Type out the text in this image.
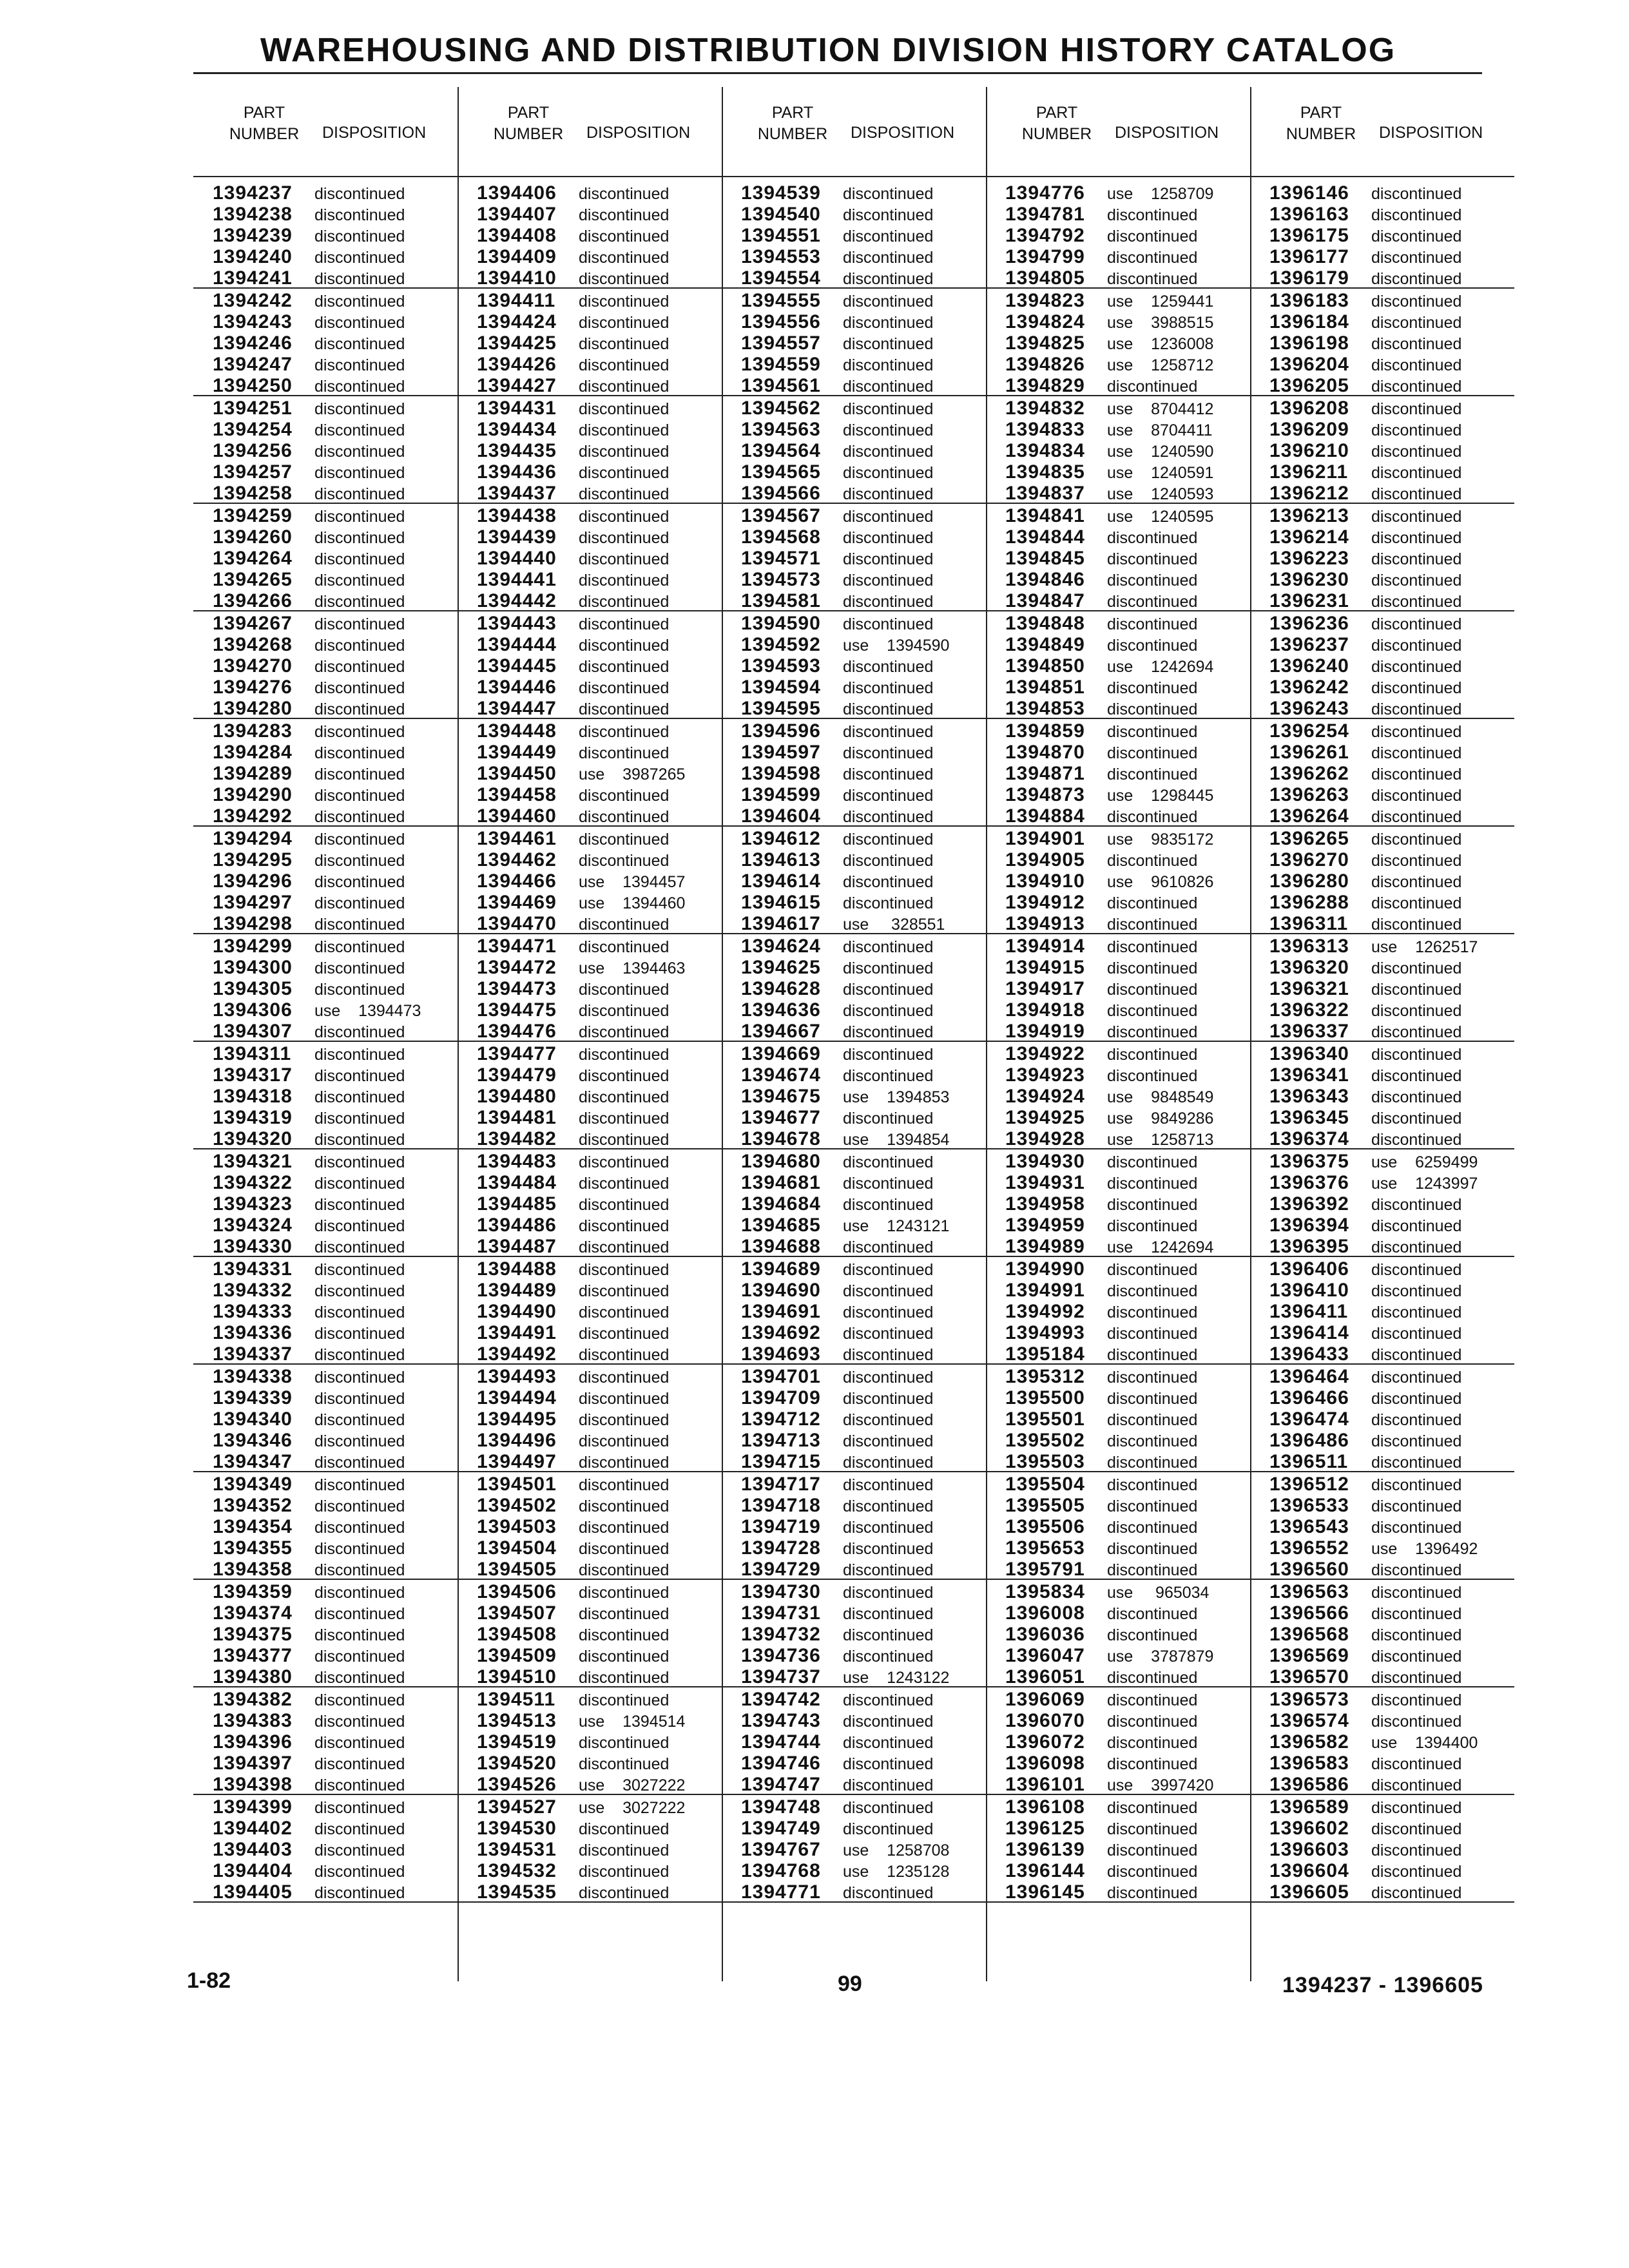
WAREHOUSING AND DISTRIBUTION DIVISION HISTORY CATALOG
PART
NUMBER	DISPOSITION
1394237 discontinued
1394238 discontinued
1394239 discontinued
1394240 discontinued
1394241 discontinued
1394242 discontinued
1394243 discontinued
1394246 discontinued
1394247 discontinued
1394250 discontinued
1394251 discontinued
1394254 discontinued
1394256 discontinued
1394257 discontinued
1394258 discontinued
1394259 discontinued
1394260 discontinued
1394264 discontinued
1394265 discontinued
1394266 discontinued
1394267 discontinued
1394268 discontinued
1394270 discontinued
1394276 discontinued
1394280 discontinued
1394283 discontinued
1394284 discontinued
1394289 discontinued
1394290 discontinued
1394292 discontinued
1394294 discontinued
1394295 discontinued
1394296 discontinued
1394297 discontinued
1394298 discontinued
1394299 discontinued
1394300 discontinued
1394305 discontinued
1394306 use    1394473
1394307 discontinued
1394311 discontinued
1394317 discontinued
1394318 discontinued
1394319 discontinued
1394320 discontinued
1394321 discontinued
1394322 discontinued
1394323 discontinued
1394324 discontinued
1394330 discontinued
1394331 discontinued
1394332 discontinued
1394333 discontinued
1394336 discontinued
1394337 discontinued
1394338 discontinued
1394339 discontinued
1394340 discontinued
1394346 discontinued
1394347 discontinued
1394349 discontinued
1394352 discontinued
1394354 discontinued
1394355 discontinued
1394358 discontinued
1394359 discontinued
1394374 discontinued
1394375 discontinued
1394377 discontinued
1394380 discontinued
1394382 discontinued
1394383 discontinued
1394396 discontinued
1394397 discontinued
1394398 discontinued
1394399 discontinued
1394402 discontinued
1394403 discontinued
1394404 discontinued
1394405 discontinued
PART
NUMBER	DISPOSITION
1394406 discontinued
1394407 discontinued
1394408 discontinued
1394409 discontinued
1394410 discontinued
1394411 discontinued
1394424 discontinued
1394425 discontinued
1394426 discontinued
1394427 discontinued
1394431 discontinued
1394434 discontinued
1394435 discontinued
1394436 discontinued
1394437 discontinued
1394438 discontinued
1394439 discontinued
1394440 discontinued
1394441 discontinued
1394442 discontinued
1394443 discontinued
1394444 discontinued
1394445 discontinued
1394446 discontinued
1394447 discontinued
1394448 discontinued
1394449 discontinued
1394450 use    3987265
1394458 discontinued
1394460 discontinued
1394461 discontinued
1394462 discontinued
1394466 use    1394457
1394469 use    1394460
1394470 discontinued
1394471 discontinued
1394472 use    1394463
1394473 discontinued
1394475 discontinued
1394476 discontinued
1394477 discontinued
1394479 discontinued
1394480 discontinued
1394481 discontinued
1394482 discontinued
1394483 discontinued
1394484 discontinued
1394485 discontinued
1394486 discontinued
1394487 discontinued
1394488 discontinued
1394489 discontinued
1394490 discontinued
1394491 discontinued
1394492 discontinued
1394493 discontinued
1394494 discontinued
1394495 discontinued
1394496 discontinued
1394497 discontinued
1394501 discontinued
1394502 discontinued
1394503 discontinued
1394504 discontinued
1394505 discontinued
1394506 discontinued
1394507 discontinued
1394508 discontinued
1394509 discontinued
1394510 discontinued
1394511 discontinued
1394513 use    1394514
1394519 discontinued
1394520 discontinued
1394526 use    3027222
1394527 use    3027222
1394530 discontinued
1394531 discontinued
1394532 discontinued
1394535 discontinued
PART
NUMBER	DISPOSITION
1394539 discontinued
1394540 discontinued
1394551 discontinued
1394553 discontinued
1394554 discontinued
1394555 discontinued
1394556 discontinued
1394557 discontinued
1394559 discontinued
1394561 discontinued
1394562 discontinued
1394563 discontinued
1394564 discontinued
1394565 discontinued
1394566 discontinued
1394567 discontinued
1394568 discontinued
1394571 discontinued
1394573 discontinued
1394581 discontinued
1394590 discontinued
1394592 use    1394590
1394593 discontinued
1394594 discontinued
1394595 discontinued
1394596 discontinued
1394597 discontinued
1394598 discontinued
1394599 discontinued
1394604 discontinued
1394612 discontinued
1394613 discontinued
1394614 discontinued
1394615 discontinued
1394617 use     328551
1394624 discontinued
1394625 discontinued
1394628 discontinued
1394636 discontinued
1394667 discontinued
1394669 discontinued
1394674 discontinued
1394675 use    1394853
1394677 discontinued
1394678 use    1394854
1394680 discontinued
1394681 discontinued
1394684 discontinued
1394685 use    1243121
1394688 discontinued
1394689 discontinued
1394690 discontinued
1394691 discontinued
1394692 discontinued
1394693 discontinued
1394701 discontinued
1394709 discontinued
1394712 discontinued
1394713 discontinued
1394715 discontinued
1394717 discontinued
1394718 discontinued
1394719 discontinued
1394728 discontinued
1394729 discontinued
1394730 discontinued
1394731 discontinued
1394732 discontinued
1394736 discontinued
1394737 use    1243122
1394742 discontinued
1394743 discontinued
1394744 discontinued
1394746 discontinued
1394747 discontinued
1394748 discontinued
1394749 discontinued
1394767 use    1258708
1394768 use    1235128
1394771 discontinued
PART
NUMBER	DISPOSITION
1394776 use    1258709
1394781 discontinued
1394792 discontinued
1394799 discontinued
1394805 discontinued
1394823 use    1259441
1394824 use    3988515
1394825 use    1236008
1394826 use    1258712
1394829 discontinued
1394832 use    8704412
1394833 use    8704411
1394834 use    1240590
1394835 use    1240591
1394837 use    1240593
1394841 use    1240595
1394844 discontinued
1394845 discontinued
1394846 discontinued
1394847 discontinued
1394848 discontinued
1394849 discontinued
1394850 use    1242694
1394851 discontinued
1394853 discontinued
1394859 discontinued
1394870 discontinued
1394871 discontinued
1394873 use    1298445
1394884 discontinued
1394901 use    9835172
1394905 discontinued
1394910 use    9610826
1394912 discontinued
1394913 discontinued
1394914 discontinued
1394915 discontinued
1394917 discontinued
1394918 discontinued
1394919 discontinued
1394922 discontinued
1394923 discontinued
1394924 use    9848549
1394925 use    9849286
1394928 use    1258713
1394930 discontinued
1394931 discontinued
1394958 discontinued
1394959 discontinued
1394989 use    1242694
1394990 discontinued
1394991 discontinued
1394992 discontinued
1394993 discontinued
1395184 discontinued
1395312 discontinued
1395500 discontinued
1395501 discontinued
1395502 discontinued
1395503 discontinued
1395504 discontinued
1395505 discontinued
1395506 discontinued
1395653 discontinued
1395791 discontinued
1395834 use     965034
1396008 discontinued
1396036 discontinued
1396047 use    3787879
1396051 discontinued
1396069 discontinued
1396070 discontinued
1396072 discontinued
1396098 discontinued
1396101 use    3997420
1396108 discontinued
1396125 discontinued
1396139 discontinued
1396144 discontinued
1396145 discontinued
PART
NUMBER	DISPOSITION
1396146 discontinued
1396163 discontinued
1396175 discontinued
1396177 discontinued
1396179 discontinued
1396183 discontinued
1396184 discontinued
1396198 discontinued
1396204 discontinued
1396205 discontinued
1396208 discontinued
1396209 discontinued
1396210 discontinued
1396211 discontinued
1396212 discontinued
1396213 discontinued
1396214 discontinued
1396223 discontinued
1396230 discontinued
1396231 discontinued
1396236 discontinued
1396237 discontinued
1396240 discontinued
1396242 discontinued
1396243 discontinued
1396254 discontinued
1396261 discontinued
1396262 discontinued
1396263 discontinued
1396264 discontinued
1396265 discontinued
1396270 discontinued
1396280 discontinued
1396288 discontinued
1396311 discontinued
1396313 use    1262517
1396320 discontinued
1396321 discontinued
1396322 discontinued
1396337 discontinued
1396340 discontinued
1396341 discontinued
1396343 discontinued
1396345 discontinued
1396374 discontinued
1396375 use    6259499
1396376 use    1243997
1396392 discontinued
1396394 discontinued
1396395 discontinued
1396406 discontinued
1396410 discontinued
1396411 discontinued
1396414 discontinued
1396433 discontinued
1396464 discontinued
1396466 discontinued
1396474 discontinued
1396486 discontinued
1396511 discontinued
1396512 discontinued
1396533 discontinued
1396543 discontinued
1396552 use    1396492
1396560 discontinued
1396563 discontinued
1396566 discontinued
1396568 discontinued
1396569 discontinued
1396570 discontinued
1396573 discontinued
1396574 discontinued
1396582 use    1394400
1396583 discontinued
1396586 discontinued
1396589 discontinued
1396602 discontinued
1396603 discontinued
1396604 discontinued
1396605 discontinued
1-82	99	1394237 - 1396605
